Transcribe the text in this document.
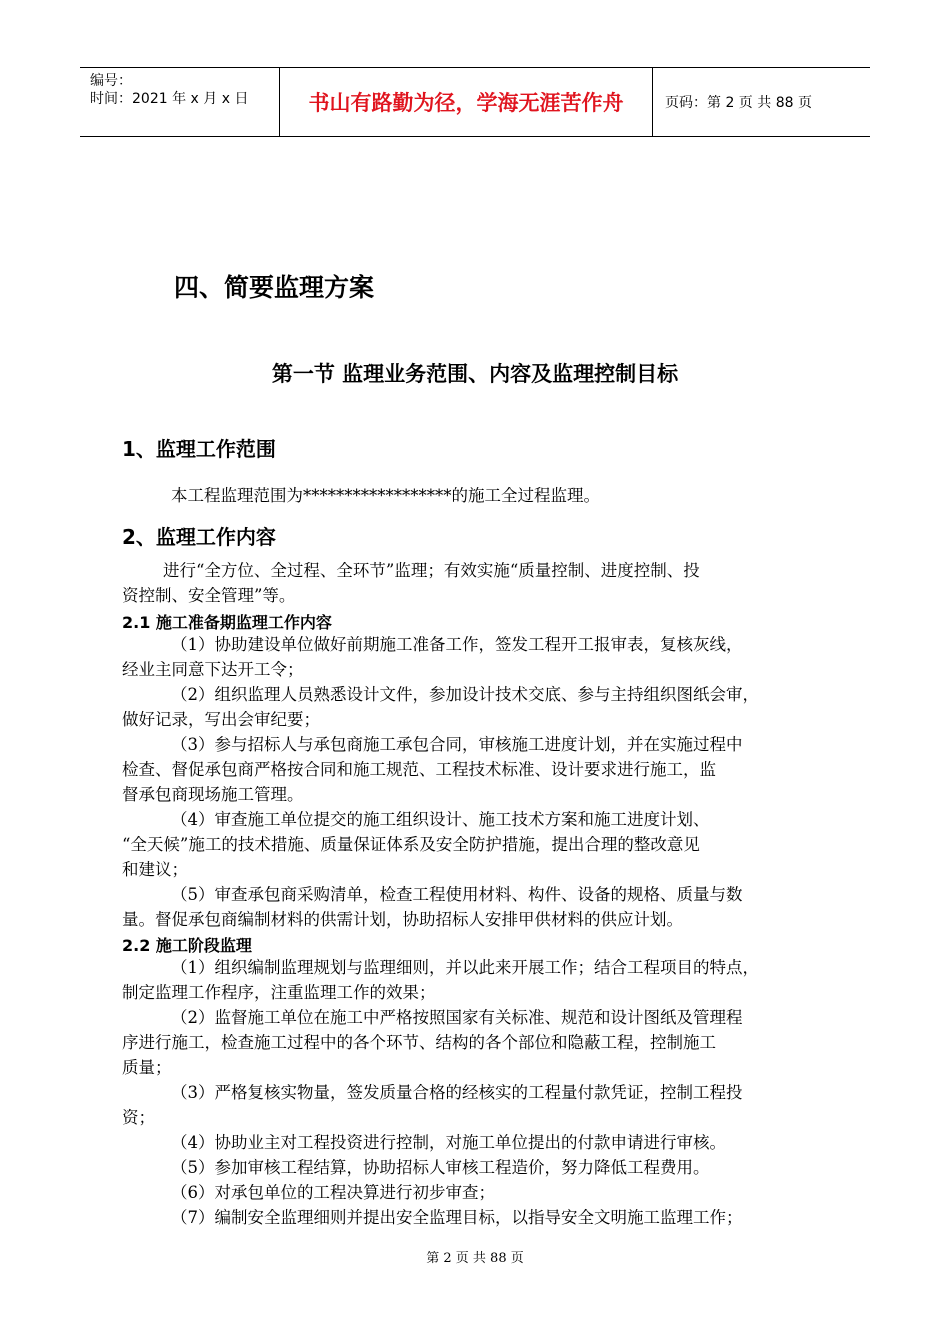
编号：
时间：2021 年 x 月 x 日	书山有路勤为径，学海无涯苦作舟	页码：第 2 页 共 88 页
四、简要监理方案
第一节 监理业务范围、内容及监理控制目标
1、监理工作范围
本工程监理范围为******************的施工全过程监理。
2、监理工作内容
进行“全方位、全过程、全环节”监理；有效实施“质量控制、进度控制、投
资控制、安全管理”等。
2.1 施工准备期监理工作内容
（1）协助建设单位做好前期施工准备工作，签发工程开工报审表，复核灰线，
经业主同意下达开工令；
（2）组织监理人员熟悉设计文件，参加设计技术交底、参与主持组织图纸会审，
做好记录，写出会审纪要；
（3）参与招标人与承包商施工承包合同，审核施工进度计划，并在实施过程中
检查、督促承包商严格按合同和施工规范、工程技术标准、设计要求进行施工，监
督承包商现场施工管理。
（4）审查施工单位提交的施工组织设计、施工技术方案和施工进度计划、
“全天候”施工的技术措施、质量保证体系及安全防护措施，提出合理的整改意见
和建议；
（5）审查承包商采购清单，检查工程使用材料、构件、设备的规格、质量与数
量。督促承包商编制材料的供需计划，协助招标人安排甲供材料的供应计划。
2.2 施工阶段监理
（1）组织编制监理规划与监理细则，并以此来开展工作；结合工程项目的特点，
制定监理工作程序，注重监理工作的效果；
（2）监督施工单位在施工中严格按照国家有关标准、规范和设计图纸及管理程
序进行施工，检查施工过程中的各个环节、结构的各个部位和隐蔽工程，控制施工
质量；
（3）严格复核实物量，签发质量合格的经核实的工程量付款凭证，控制工程投
资；
（4）协助业主对工程投资进行控制，对施工单位提出的付款申请进行审核。
（5）参加审核工程结算，协助招标人审核工程造价，努力降低工程费用。
（6）对承包单位的工程决算进行初步审查；
（7）编制安全监理细则并提出安全监理目标，以指导安全文明施工监理工作；
第 2 页 共 88 页
